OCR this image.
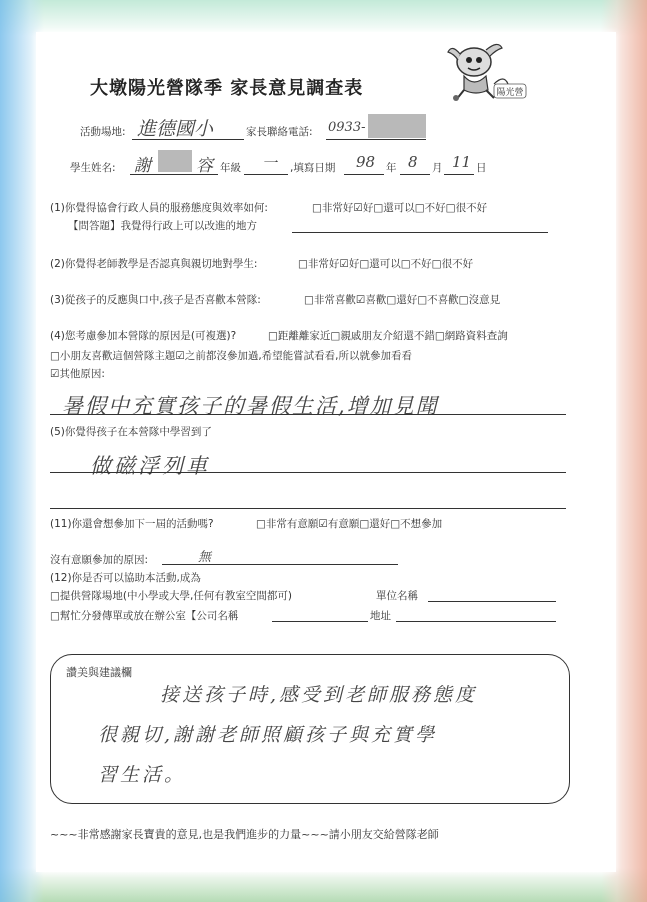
大墩陽光營隊季 家長意見調查表	陽光營
活動場地: 進德國小	家長聯絡電話: 0933-
學生姓名: 謝	容 年級 一 ,填寫日期 98 年 8 月 11 日
(1)你覺得協會行政人員的服務態度與效率如何:	□非常好☑好□還可以□不好□很不好
【問答題】我覺得行政上可以改進的地方
(2)你覺得老師教學是否認真與親切地對學生:	□非常好☑好□還可以□不好□很不好
(3)從孩子的反應與口中,孩子是否喜歡本營隊:	□非常喜歡☑喜歡□還好□不喜歡□沒意見
(4)您考慮參加本營隊的原因是(可複選)?	□距離離家近□親戚朋友介紹還不錯□網路資料查詢
□小朋友喜歡這個營隊主題☑之前都沒參加過,希望能嘗試看看,所以就參加看看
☑其他原因:
暑假中充實孩子的暑假生活,增加見聞
(5)你覺得孩子在本營隊中學習到了
做磁浮列車
(11)你還會想參加下一屆的活動嗎?	□非常有意願☑有意願□還好□不想參加
沒有意願參加的原因:	無
(12)你是否可以協助本活動,成為
□提供營隊場地(中小學或大學,任何有教室空間都可)	單位名稱
□幫忙分發傳單或放在辦公室【公司名稱	地址
讚美與建議欄
接送孩子時,感受到老師服務態度
很親切,謝謝老師照顧孩子與充實學
習生活。
~~~非常感謝家長寶貴的意見,也是我們進步的力量~~~請小朋友交給營隊老師
